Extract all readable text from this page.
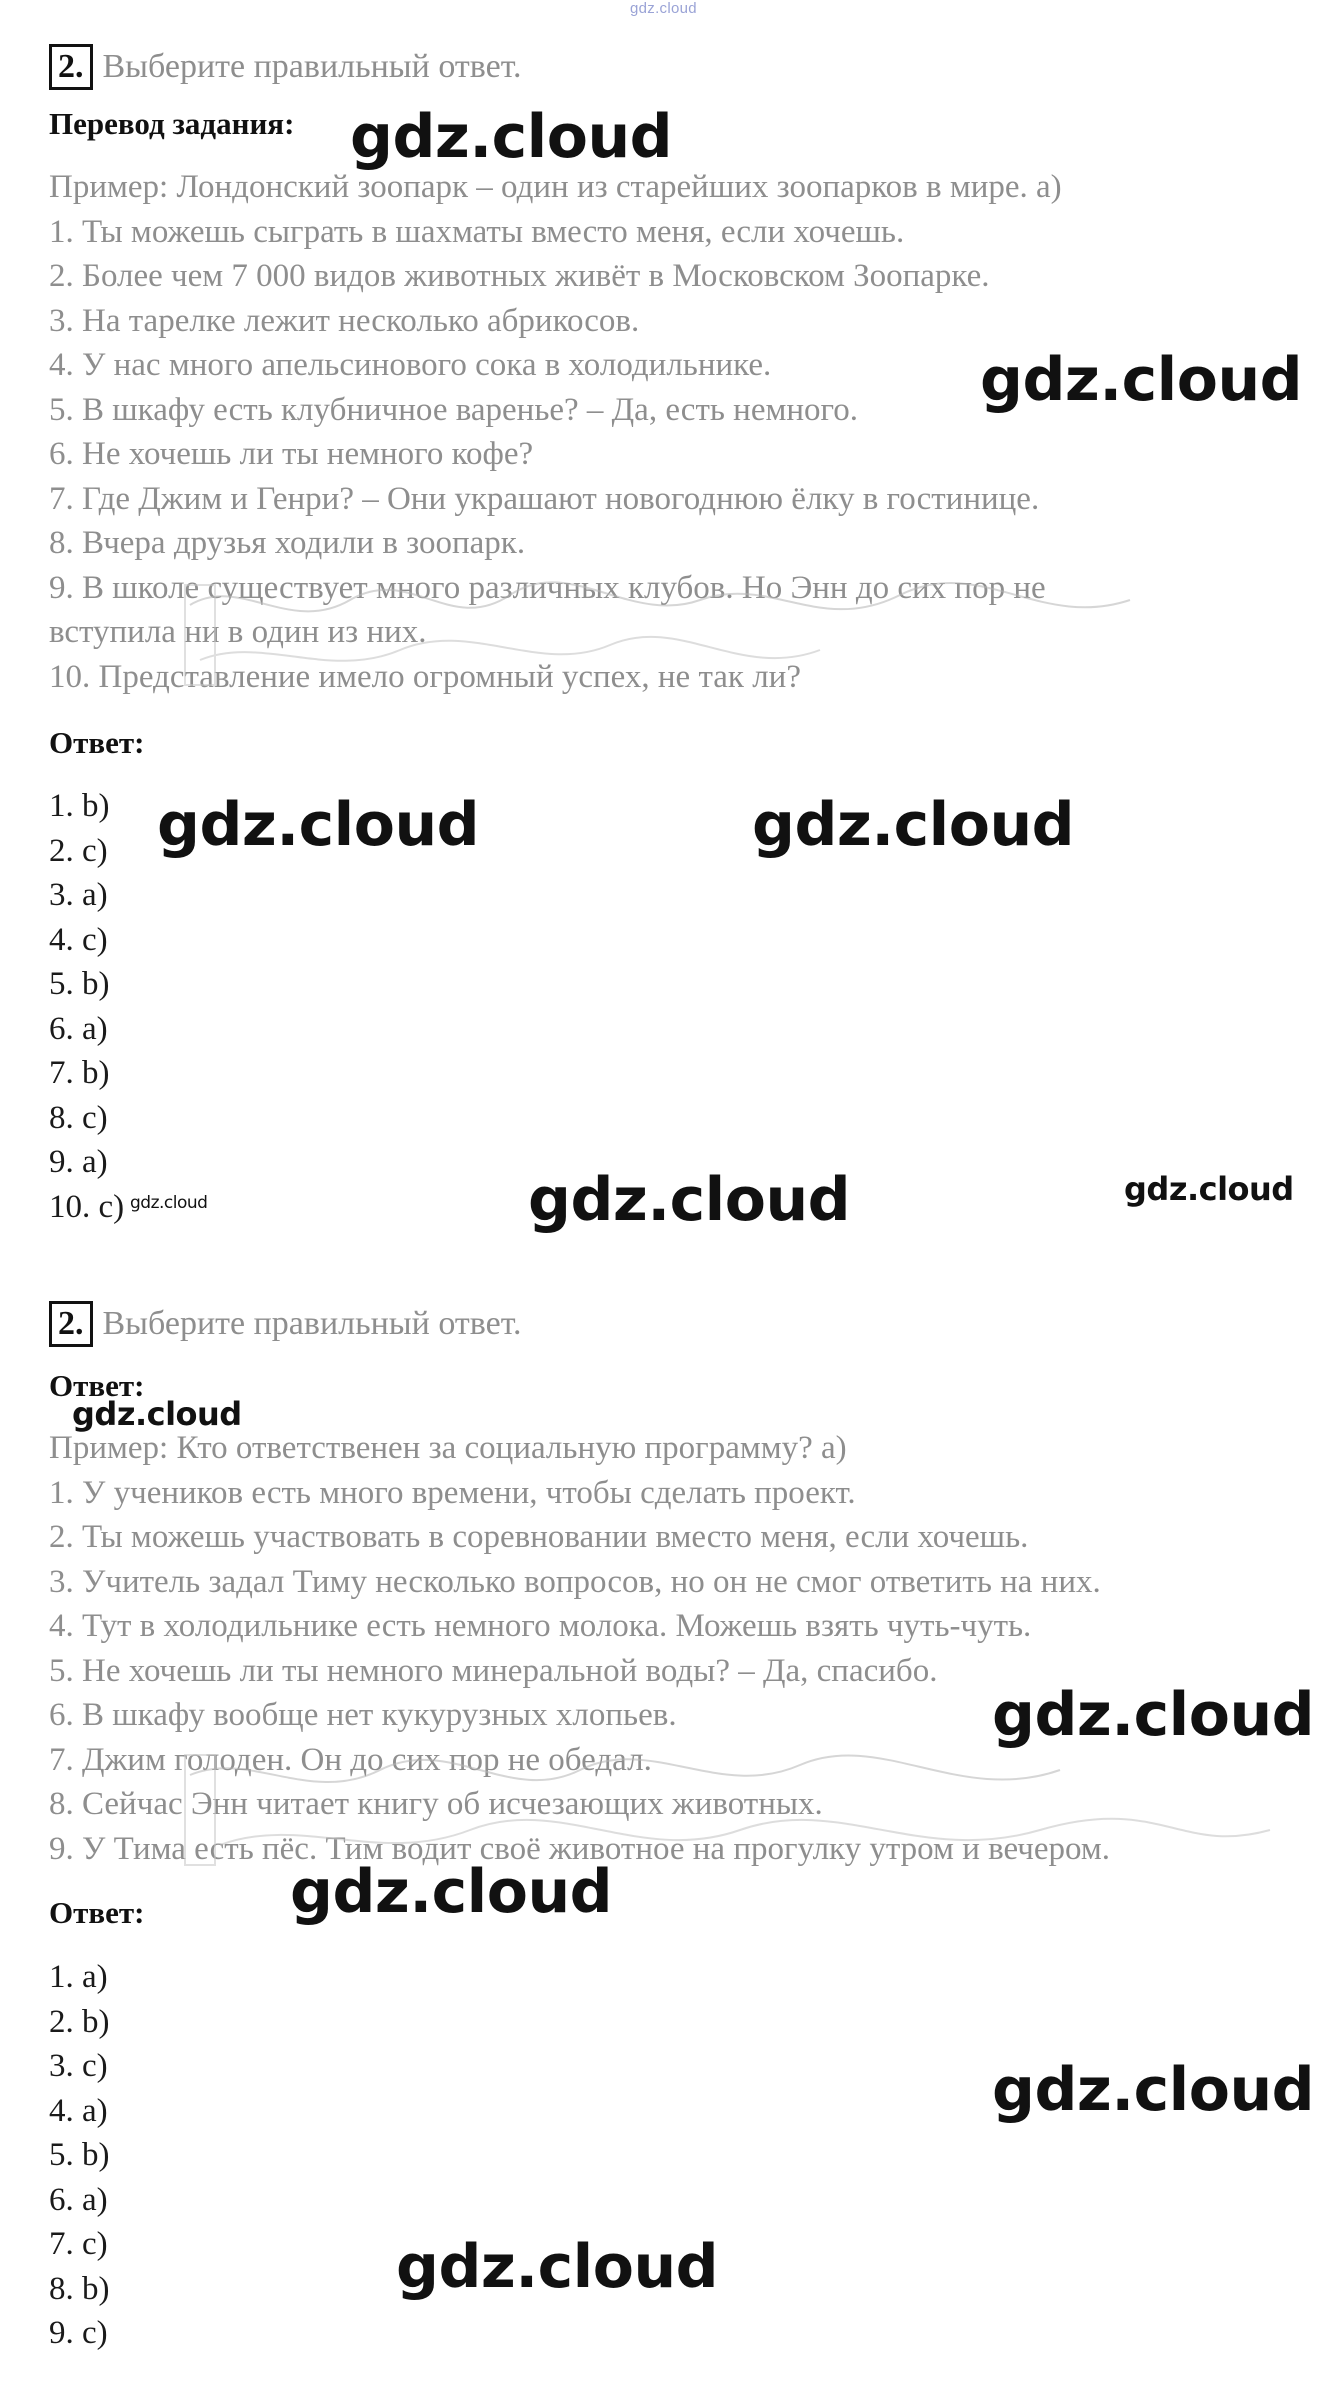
gdz.cloud
2. Выберите правильный ответ.
Перевод задания:
Пример: Лондонский зоопарк – один из старейших зоопарков в мире. а)
1. Ты можешь сыграть в шахматы вместо меня, если хочешь.
2. Более чем 7 000 видов животных живёт в Московском Зоопарке.
3. На тарелке лежит несколько абрикосов.
4. У нас много апельсинового сока в холодильнике.
5. В шкафу есть клубничное варенье? – Да, есть немного.
6. Не хочешь ли ты немного кофе?
7. Где Джим и Генри? – Они украшают новогоднюю ёлку в гостинице.
8. Вчера друзья ходили в зоопарк.
9. В школе существует много различных клубов. Но Энн до сих пор не
вступила ни в один из них.
10. Представление имело огромный успех, не так ли?
Ответ:
1. b)
2. c)
3. a)
4. c)
5. b)
6. a)
7. b)
8. c)
9. a)
10. c)
2. Выберите правильный ответ.
Ответ:
Пример: Кто ответственен за социальную программу? а)
1. У учеников есть много времени, чтобы сделать проект.
2. Ты можешь участвовать в соревновании вместо меня, если хочешь.
3. Учитель задал Тиму несколько вопросов, но он не смог ответить на них.
4. Тут в холодильнике есть немного молока. Можешь взять чуть-чуть.
5. Не хочешь ли ты немного минеральной воды? – Да, спасибо.
6. В шкафу вообще нет кукурузных хлопьев.
7. Джим голоден. Он до сих пор не обедал.
8. Сейчас Энн читает книгу об исчезающих животных.
9. У Тима есть пёс. Тим водит своё животное на прогулку утром и вечером.
Ответ:
1. a)
2. b)
3. c)
4. a)
5. b)
6. a)
7. c)
8. b)
9. c)
gdz.cloud
gdz.cloud
gdz.cloud	gdz.cloud
gdz.cloud	gdz.cloud
gdz.cloud
gdz.cloud
gdz.cloud
gdz.cloud
gdz.cloud
gdz.cloud
